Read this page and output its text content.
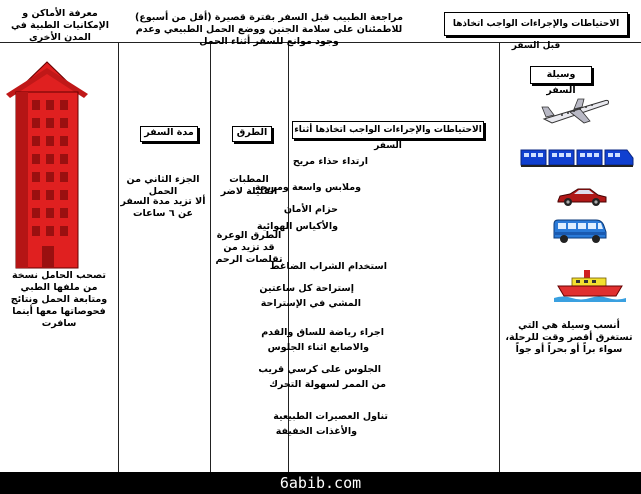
معرفة الأماكن و الإمكانيات الطبية في المدن الأخرى
تصحب الحامل نسخة من ملفها الطبي ومتابعة الحمل ونتائج فحوصاتها معها أينما سافرت
مراجعة الطبيب قبل السفر بفترة قصيرة (أقل من أسبوع) للاطمئنان على سلامة الجنين ووضع الحمل الطبيعي وعدم وجود موانع للسفر أثناء الحمل
مدة السفر
الجزء الثاني من الحمل
ألا تزيد مدة السفر عن ٦ ساعات
الطرق
المطبات القليلة لاضر
الطرق الوعرة قد تزيد من تقلصات الرحم
الاحتياطات والإجراءات الواجب اتخاذها أثناء السفر
ارتداء حذاء مريح
وملابس واسعة ومريحة
حزام الأمان
والأكياس الهوائية
استخدام الشراب الضاغط
إستراحة كل ساعتين
المشي في الإستراحة
اجراء رياضة للساق والقدم
والاصابع اثناء الجلوس
الجلوس على كرسي قريب
من الممر لسهولة التحرك
تناول العصيرات الطبيعية
والأغذات الخفيفة
الاحتياطات والإجراءات الواجب اتخاذها قبل السفر
وسيلة السفر
أنسب وسيلة هي التي تستغرق أقصر وقت للرحلة، سواء براً أو بحراً أو جواً
6abib.com
